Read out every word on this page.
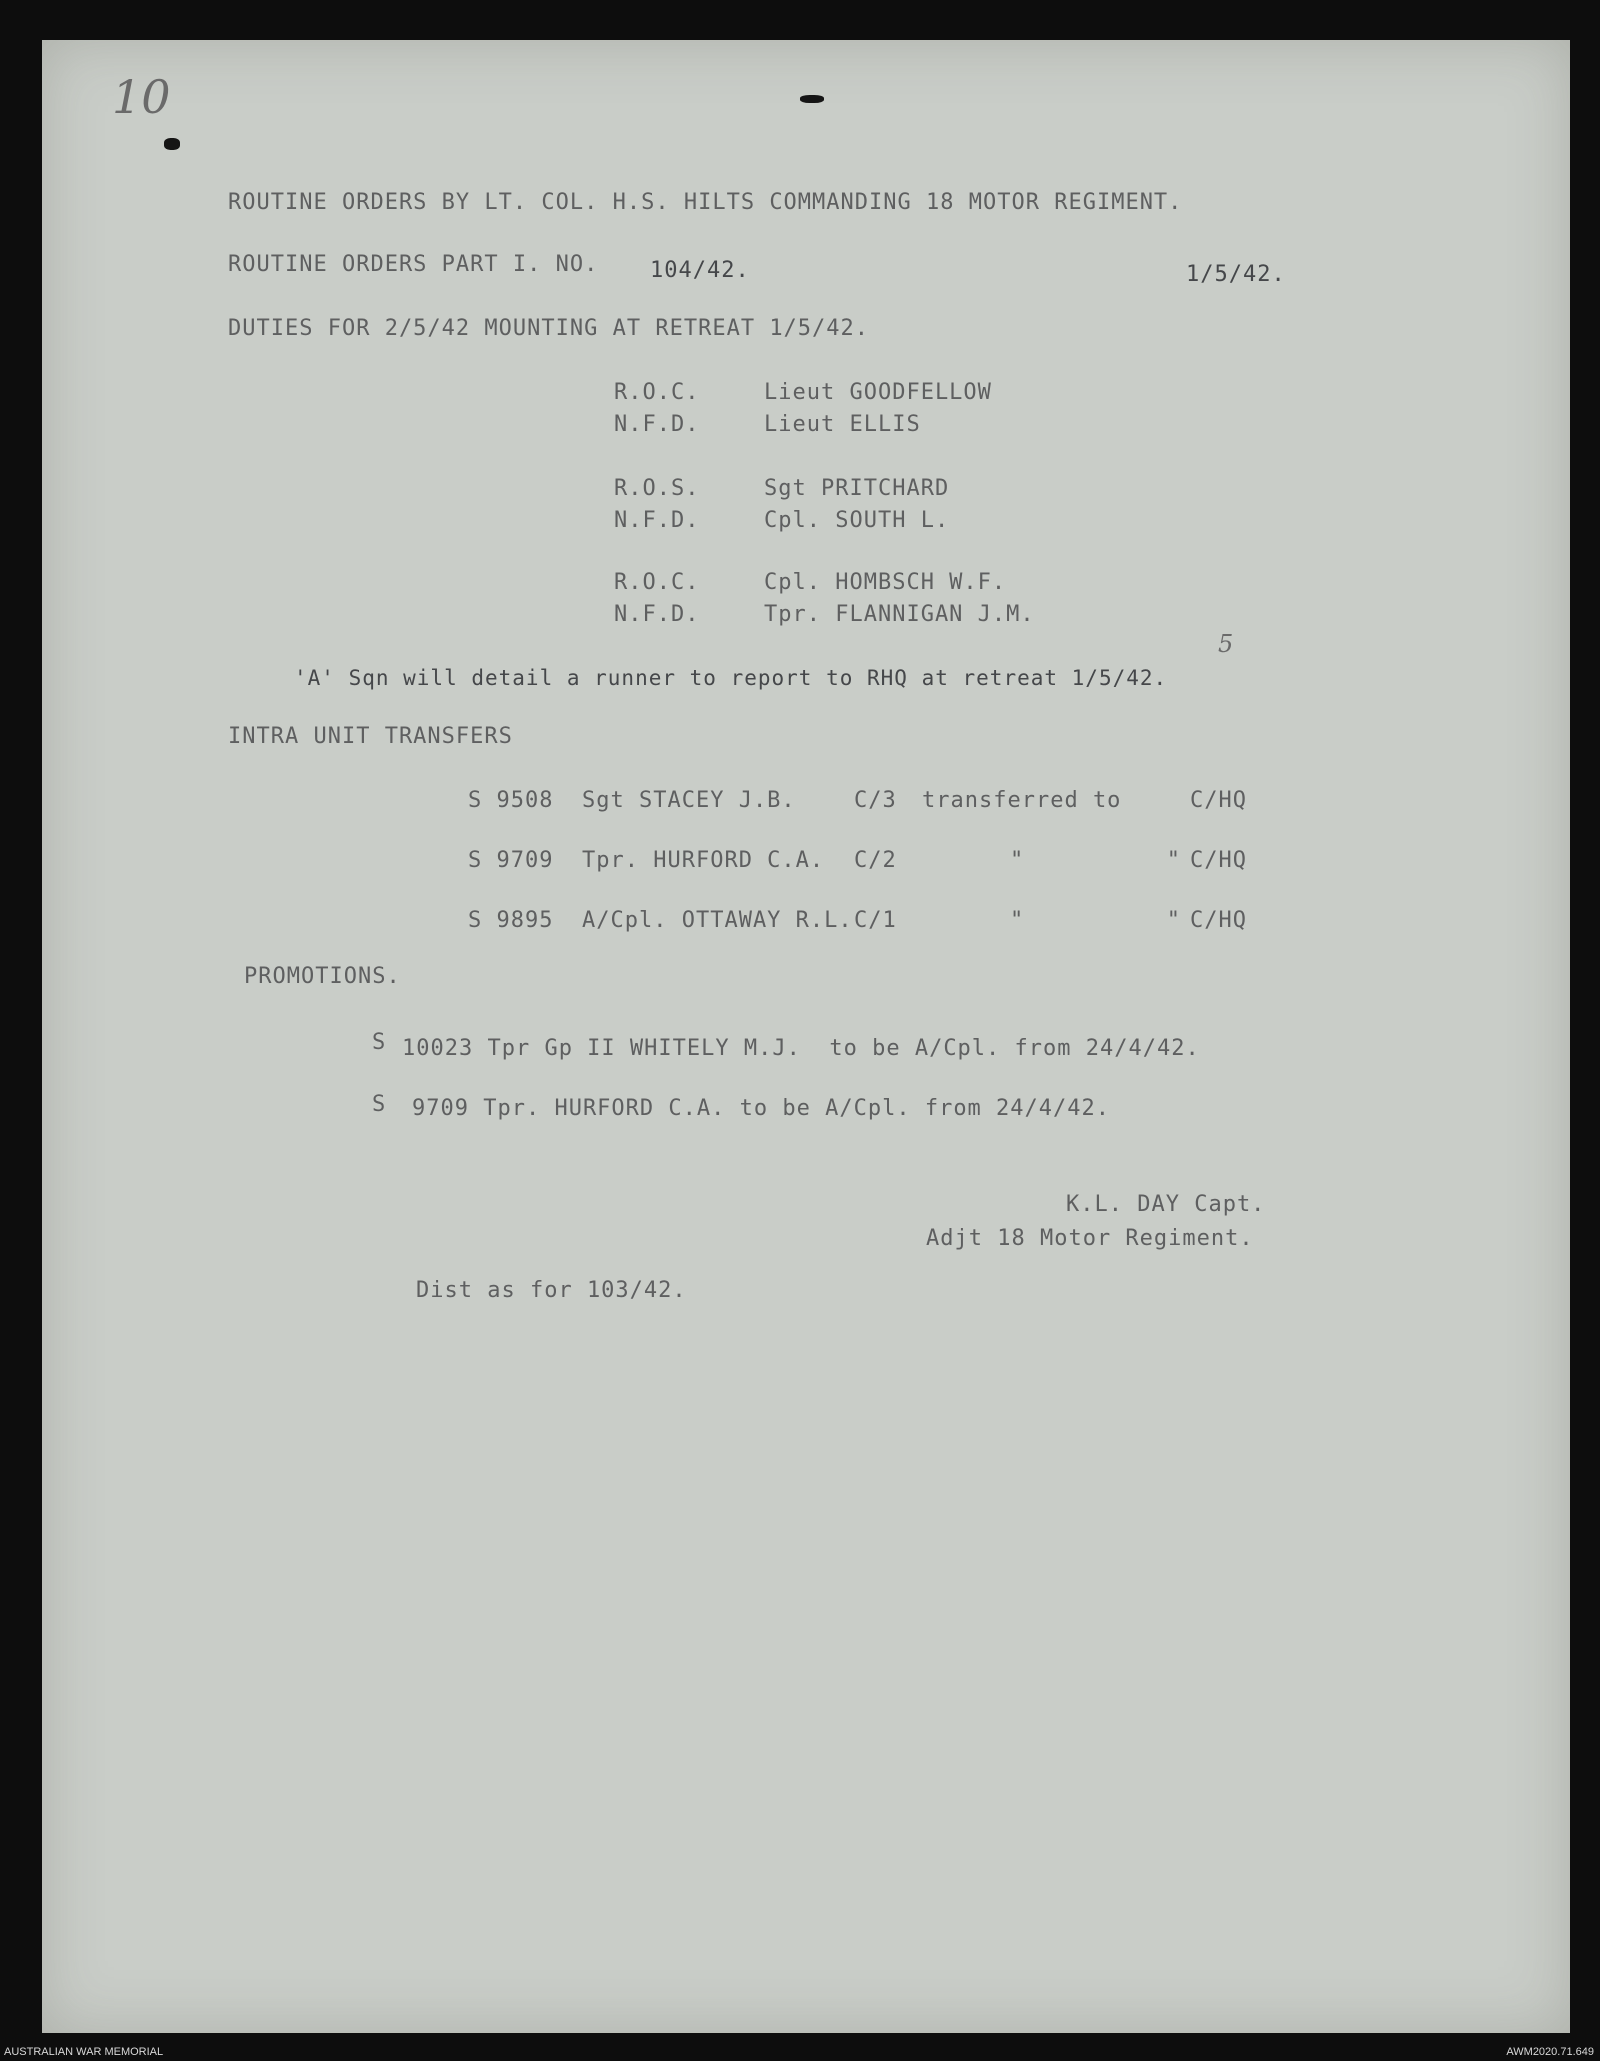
10
ROUTINE ORDERS BY LT. COL. H.S. HILTS COMMANDING 18 MOTOR REGIMENT.
ROUTINE ORDERS PART I. NO. 104/42.	1/5/42.
DUTIES FOR 2/5/42 MOUNTING AT RETREAT 1/5/42.
R.O.C.	Lieut GOODFELLOW
N.F.D.	Lieut ELLIS
R.O.S.	Sgt PRITCHARD
N.F.D.	Cpl. SOUTH L.
R.O.C.	Cpl. HOMBSCH W.F.
N.F.D.	Tpr. FLANNIGAN J.M.
'A' Sqn will detail a runner to report to RHQ at retreat 1/5/42.
5
INTRA UNIT TRANSFERS
S 9508 Sgt STACEY J.B.	C/3 transferred to	C/HQ
S 9709 Tpr. HURFORD C.A. C/2	"          " C/HQ
S 9895 A/Cpl. OTTAWAY R.L. C/1	"          " C/HQ
PROMOTIONS.
S 10023 Tpr Gp II WHITELY M.J.  to be A/Cpl. from 24/4/42.
S 9709 Tpr. HURFORD C.A. to be A/Cpl. from 24/4/42.
K.L. DAY Capt.
Adjt 18 Motor Regiment.
Dist as for 103/42.
AUSTRALIAN WAR MEMORIAL	AWM2020.71.649
